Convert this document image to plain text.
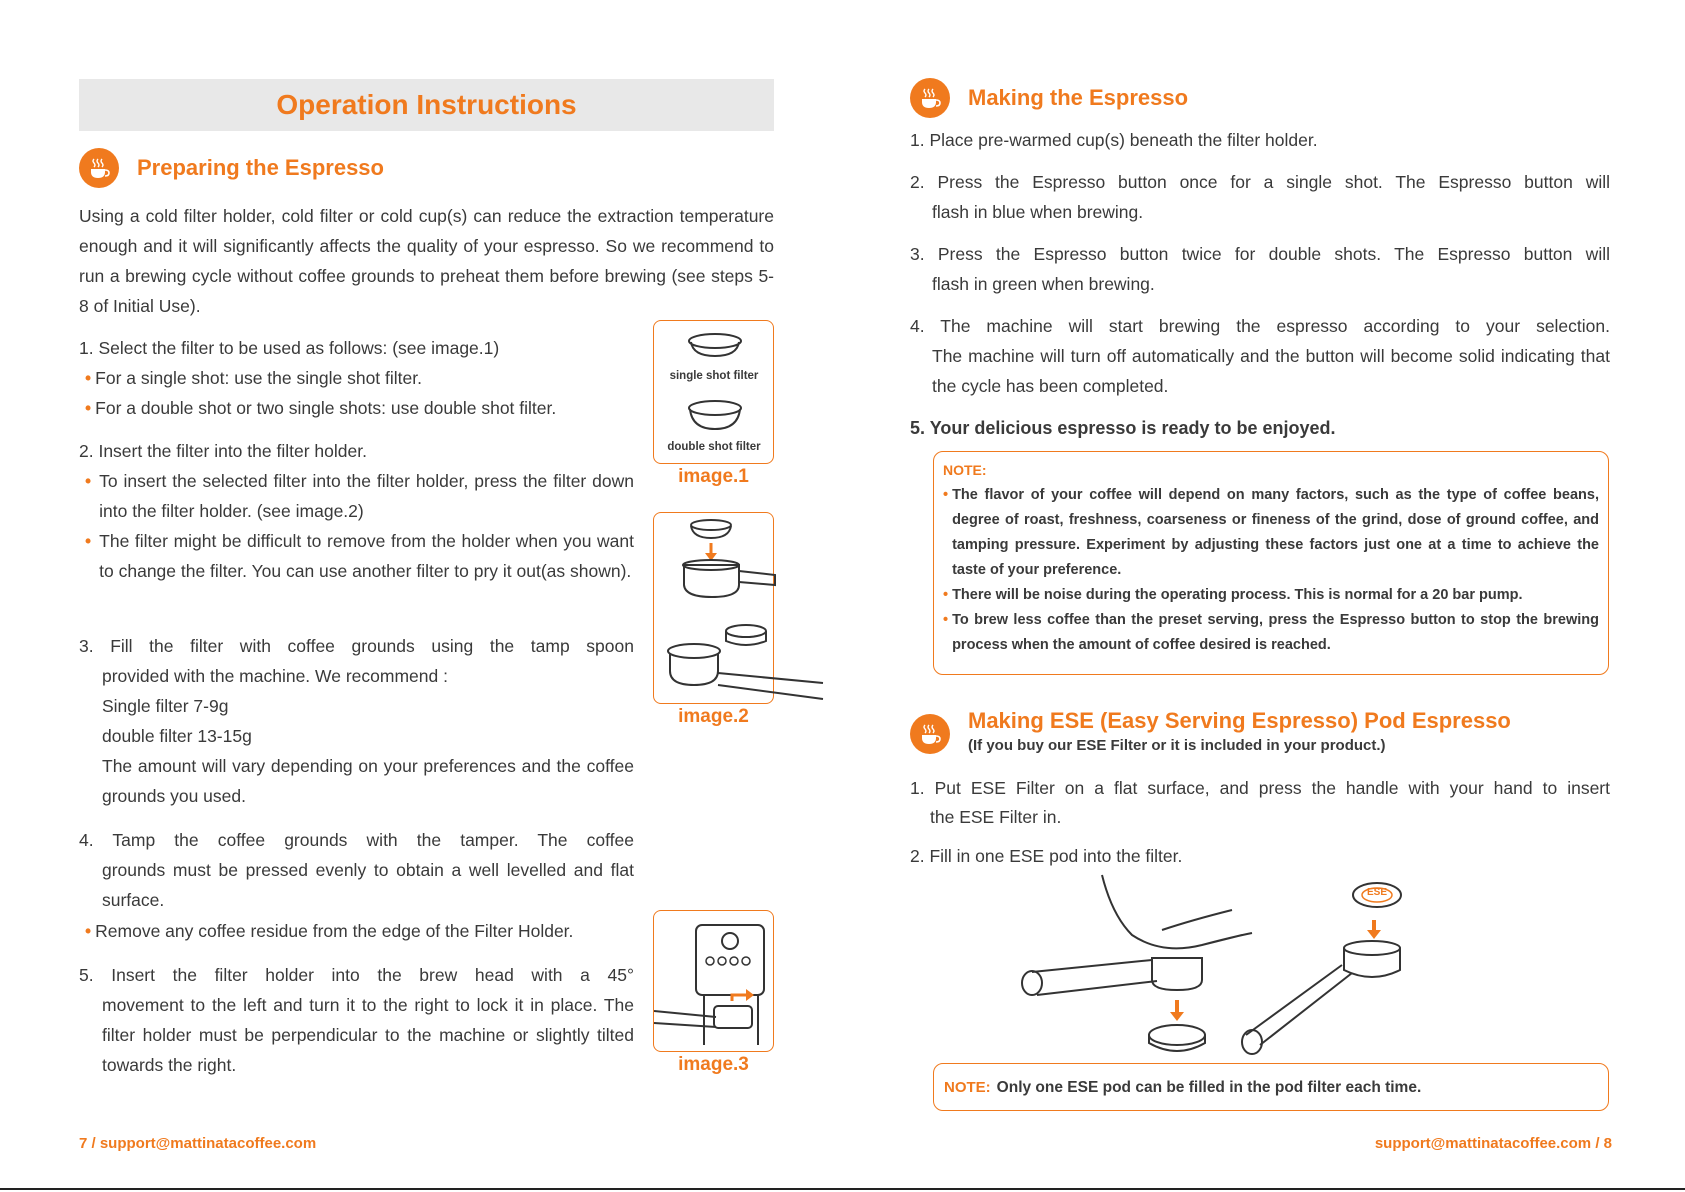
Operation Instructions
Preparing the Espresso
Using a cold filter holder, cold filter or cold cup(s) can reduce the extraction temperature enough and it will significantly affects the quality of your espresso. So we recommend to run a brewing cycle without coffee grounds to preheat them before brewing (see steps 5-8 of Initial Use).
1. Select the filter to be used as follows: (see image.1)
• For a single shot: use the single shot filter.
• For a double shot or two single shots: use double shot filter.
2. Insert the filter into the filter holder.
• To insert the selected filter into the filter holder, press the filter down into the filter holder. (see image.2)
• The filter might be difficult to remove from the holder when you want to change the filter. You can use another filter to pry it out(as shown).
3. Fill the filter with coffee grounds using the tamp spoon
provided with the machine. We recommend :
Single filter 7-9g
double filter 13-15g
The amount will vary depending on your preferences and the coffee grounds you used.
4. Tamp the coffee grounds with the tamper. The coffee
grounds must be pressed evenly to obtain a well levelled and flat surface.
• Remove any coffee residue from the edge of the Filter Holder.
5. Insert the filter holder into the brew head with a 45°
movement to the left and turn it to the right to lock it in place. The filter holder must be perpendicular to the machine or slightly tilted towards the right.
single shot filter
double shot filter
image.1
image.2
image.3
7 / support@mattinatacoffee.com
Making the Espresso
1. Place pre-warmed cup(s) beneath the filter holder.
2. Press the Espresso button once for a single shot. The Espresso button will
flash in blue when brewing.
3. Press the Espresso button twice for double shots. The Espresso button will
flash in green when brewing.
4. The machine will start brewing the espresso according to your selection.
The machine will turn off automatically and the button will become solid indicating that the cycle has been completed.
5. Your delicious espresso is ready to be enjoyed.
NOTE:
• The flavor of your coffee will depend on many factors, such as the type of coffee beans, degree of roast, freshness, coarseness or fineness of the grind, dose of ground coffee, and tamping pressure. Experiment by adjusting these factors just one at a time to achieve the taste of your preference.
• There will be noise during the operating process. This is normal for a 20 bar pump.
• To brew less coffee than the preset serving, press the Espresso button to stop the brewing process when the amount of coffee desired is reached.
Making ESE (Easy Serving Espresso) Pod Espresso
(If you buy our ESE Filter or it is included in your product.)
1. Put ESE Filter on a flat surface, and press the handle with your hand to insert
the ESE Filter in.
2. Fill in one ESE pod into the filter.
ESE
NOTE: Only one ESE pod can be filled in the pod filter each time.
support@mattinatacoffee.com / 8
